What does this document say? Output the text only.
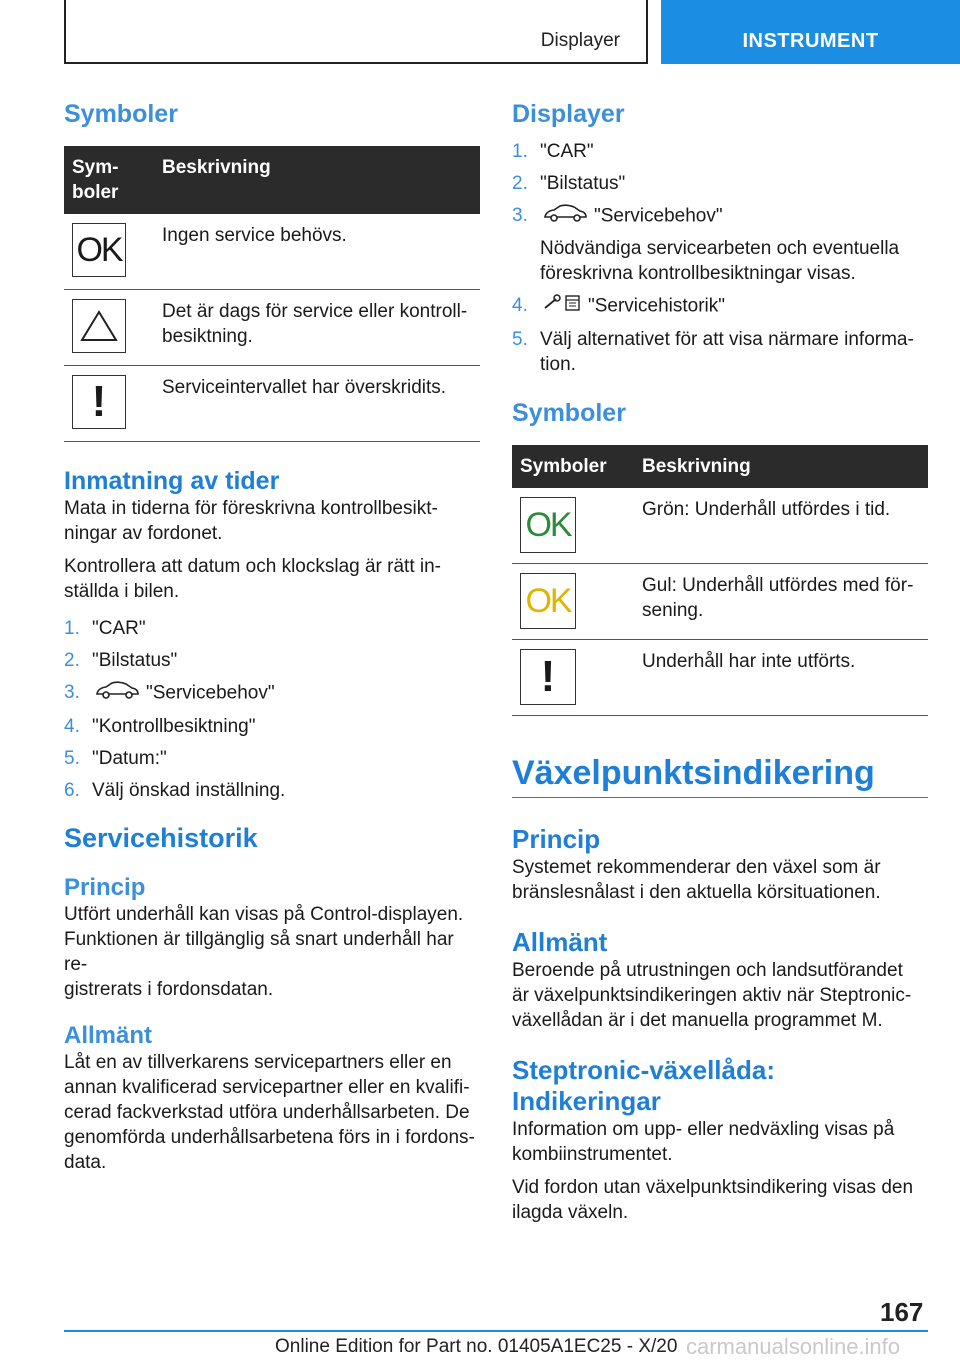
Displayer	INSTRUMENT
Symboler
Sym-
boler	Beskrivning

OK	Ingen service behövs.

	Det är dags för service eller kontroll-
besiktning.

!	Serviceintervallet har överskridits.
Inmatning av tider

Mata in tiderna för föreskrivna kontrollbesikt-
ningar av fordonet.

Kontrollera att datum och klockslag är rätt in-
ställda i bilen.

1. "CAR"
2. "Bilstatus"
3.	"Servicebehov"
4. "Kontrollbesiktning"
5. "Datum:"
6. Välj önskad inställning.
Servicehistorik
Princip

Utfört underhåll kan visas på Control-displayen.
Funktionen är tillgänglig så snart underhåll har re-
gistrerats i fordonsdatan.

Allmänt

Låt en av tillverkarens servicepartners eller en
annan kvalificerad servicepartner eller en kvalifi-
cerad fackverkstad utföra underhållsarbeten. De
genomförda underhållsarbetena förs in i fordons-
data.

Displayer
1. "CAR"
2. "Bilstatus"
3.	"Servicebehov"
Nödvändiga servicearbeten och eventuella
föreskrivna kontrollbesiktningar visas.
4.	"Servicehistorik"
5. Välj alternativet för att visa närmare informa-
tion.
Symboler
Symboler	Beskrivning

OK	Grön: Underhåll utfördes i tid.

OK	Gul: Underhåll utfördes med för-
sening.

!	Underhåll har inte utförts.
Växelpunktsindikering
Princip

Systemet rekommenderar den växel som är
bränslesnålast i den aktuella körsituationen.

Allmänt

Beroende på utrustningen och landsutförandet
är växelpunktsindikeringen aktiv när Steptronic-
växellådan är i det manuella programmet M.

Steptronic-växellåda:
Indikeringar

Information om upp- eller nedväxling visas på
kombiinstrumentet.

Vid fordon utan växelpunktsindikering visas den
ilagda växeln.

167
Online Edition for Part no. 01405A1EC25 - X/20 carmanualsonline.info
